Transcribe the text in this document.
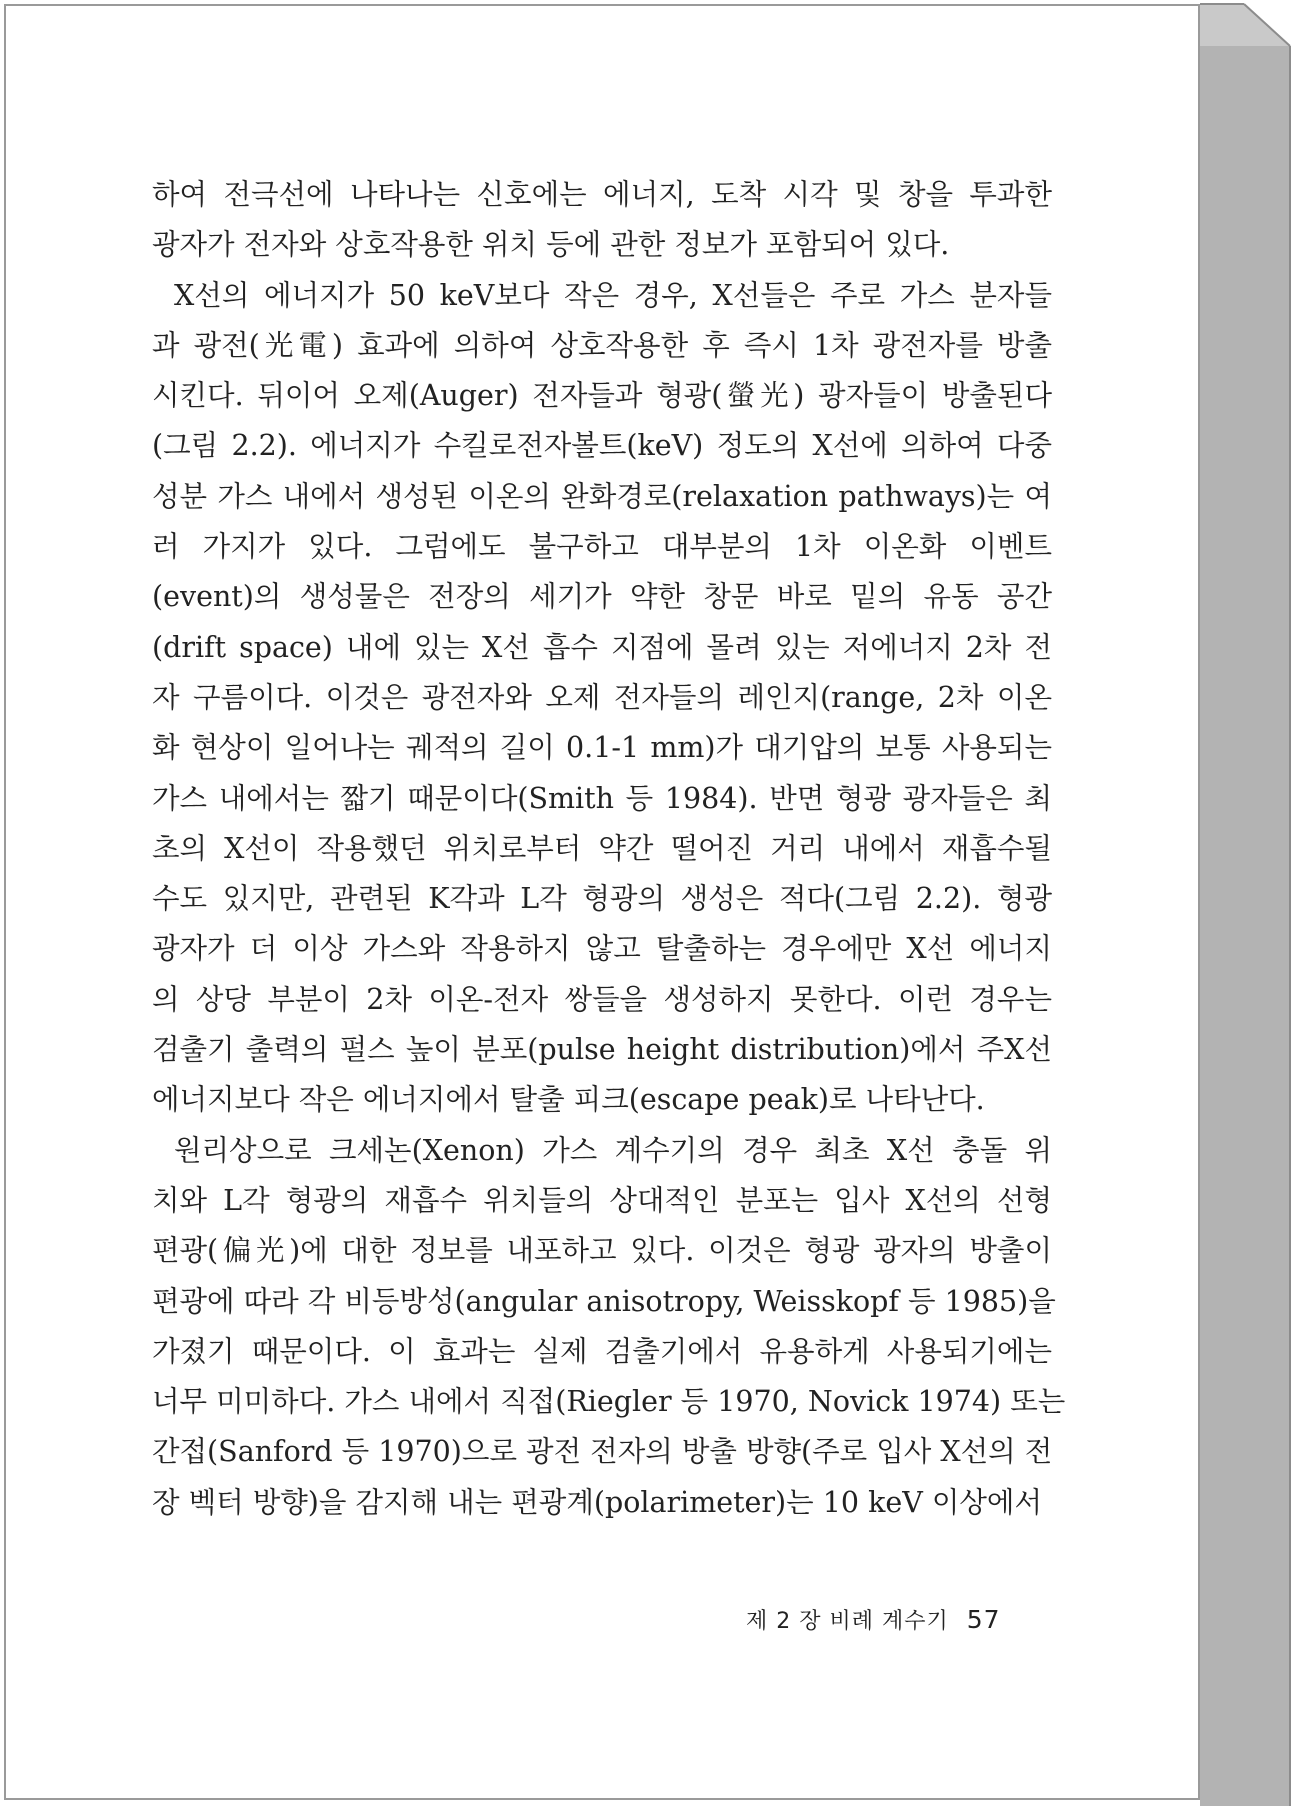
하여 전극선에 나타나는 신호에는 에너지, 도착 시각 및 창을 투과한
광자가 전자와 상호작용한 위치 등에 관한 정보가 포함되어 있다.
X선의 에너지가 50 keV보다 작은 경우, X선들은 주로 가스 분자들
과 광전(光電) 효과에 의하여 상호작용한 후 즉시 1차 광전자를 방출
시킨다. 뒤이어 오제(Auger) 전자들과 형광(螢光) 광자들이 방출된다
(그림 2.2). 에너지가 수킬로전자볼트(keV) 정도의 X선에 의하여 다중
성분 가스 내에서 생성된 이온의 완화경로(relaxation pathways)는 여
러 가지가 있다. 그럼에도 불구하고 대부분의 1차 이온화 이벤트
(event)의 생성물은 전장의 세기가 약한 창문 바로 밑의 유동 공간
(drift space) 내에 있는 X선 흡수 지점에 몰려 있는 저에너지 2차 전
자 구름이다. 이것은 광전자와 오제 전자들의 레인지(range, 2차 이온
화 현상이 일어나는 궤적의 길이 0.1-1 mm)가 대기압의 보통 사용되는
가스 내에서는 짧기 때문이다(Smith 등 1984). 반면 형광 광자들은 최
초의 X선이 작용했던 위치로부터 약간 떨어진 거리 내에서 재흡수될
수도 있지만, 관련된 K각과 L각 형광의 생성은 적다(그림 2.2). 형광
광자가 더 이상 가스와 작용하지 않고 탈출하는 경우에만 X선 에너지
의 상당 부분이 2차 이온-전자 쌍들을 생성하지 못한다. 이런 경우는
검출기 출력의 펄스 높이 분포(pulse height distribution)에서 주X선
에너지보다 작은 에너지에서 탈출 피크(escape peak)로 나타난다.
원리상으로 크세논(Xenon) 가스 계수기의 경우 최초 X선 충돌 위
치와 L각 형광의 재흡수 위치들의 상대적인 분포는 입사 X선의 선형
편광(偏光)에 대한 정보를 내포하고 있다. 이것은 형광 광자의 방출이
편광에 따라 각 비등방성(angular anisotropy, Weisskopf 등 1985)을
가졌기 때문이다. 이 효과는 실제 검출기에서 유용하게 사용되기에는
너무 미미하다. 가스 내에서 직접(Riegler 등 1970, Novick 1974) 또는
간접(Sanford 등 1970)으로 광전 전자의 방출 방향(주로 입사 X선의 전
장 벡터 방향)을 감지해 내는 편광계(polarimeter)는 10 keV 이상에서
제 2 장 비례 계수기 57
